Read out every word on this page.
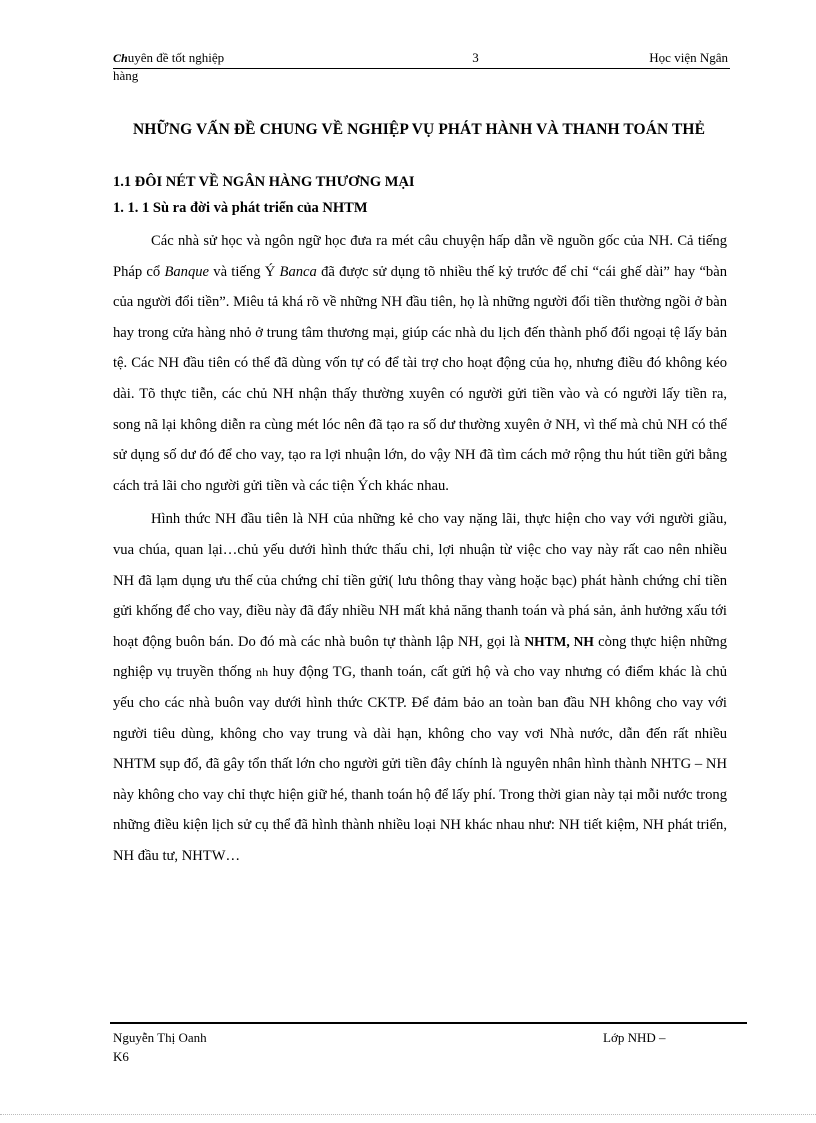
Chuyên đề tốt nghiệp	3	Học viện Ngân
hàng
NHỮNG VẤN ĐỀ CHUNG VỀ NGHIỆP VỤ PHÁT HÀNH VÀ THANH TOÁN THẺ
1.1 ĐÔI NÉT VỀ NGÂN HÀNG THƯƠNG MẠI
1. 1. 1 Sù ra đời và phát triển của NHTM

Các nhà sử học và ngôn ngữ học đưa ra mét câu chuyện hấp dẫn về nguồn gốc của NH. Cả tiếng Pháp cổ Banque và tiếng Ý Banca đã được sử dụng tõ nhiều thế kỷ trước để chỉ “cái ghế dài” hay “bàn của người đổi tiền”. Miêu tả khá rõ về những NH đầu tiên, họ là những người đổi tiền thường ngồi ở bàn hay trong cửa hàng nhỏ ở trung tâm thương mại, giúp các nhà du lịch đến thành phố đổi ngoại tệ lấy bản tệ. Các NH đầu tiên có thể đã dùng vốn tự có để tài trợ cho hoạt động của họ, nhưng điều đó không kéo dài. Tõ thực tiễn, các chủ NH nhận thấy thường xuyên có người gửi tiền vào và có người lấy tiền ra, song nã lại không diễn ra cùng mét lóc nên đã tạo ra số dư thường xuyên ở NH, vì thế mà chủ NH có thể sử dụng số dư đó để cho vay, tạo ra lợi nhuận lớn, do vậy NH đã tìm cách mở rộng thu hút tiền gửi bằng cách trả lãi cho người gửi tiền và các tiện Ých khác nhau.

Hình thức NH đầu tiên là NH của những kẻ cho vay nặng lãi, thực hiện cho vay với người giầu, vua chúa, quan lại…chủ yếu dưới hình thức thấu chi, lợi nhuận từ việc cho vay này rất cao nên nhiều NH đã lạm dụng ưu thế của chứng chỉ tiền gửi( lưu thông thay vàng hoặc bạc) phát hành chứng chỉ tiền gửi khống để cho vay, điều này đã đẩy nhiều NH mất khả năng thanh toán và phá sản, ảnh hưởng xấu tới hoạt động buôn bán. Do đó mà các nhà buôn tự thành lập NH, gọi là NHTM, NH còng thực hiện những nghiệp vụ truyền thống nh huy động TG, thanh toán, cất gửi hộ và cho vay nhưng có điểm khác là chủ yếu cho các nhà buôn vay dưới hình thức CKTP. Để đảm bảo an toàn ban đầu NH không cho vay với người tiêu dùng, không cho vay trung và dài hạn, không cho vay vơi Nhà nước, dẫn đến rất nhiều NHTM sụp đổ, đã gây tổn thất lớn cho người gửi tiền đây chính là nguyên nhân hình thành NHTG – NH này không cho vay chỉ thực hiện giữ hé, thanh toán hộ để lấy phí. Trong thời gian này tại mỗi nước trong những điều kiện lịch sử cụ thể đã hình thành nhiều loại NH khác nhau như: NH tiết kiệm, NH phát triển, NH đầu tư, NHTW…

Nguyễn Thị Oanh	Lớp NHD –
K6
